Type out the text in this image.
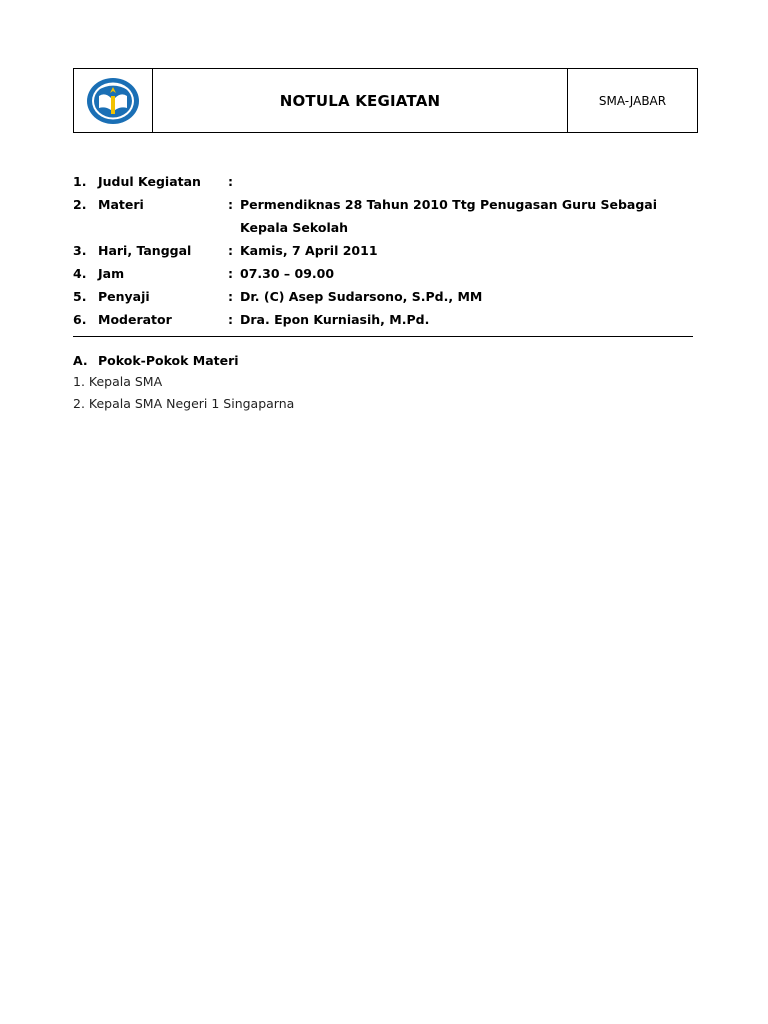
NOTULA KEGIATAN	SMA-JABAR
1. Judul Kegiatan	:
2. Materi	: Permendiknas 28 Tahun 2010 Ttg Penugasan Guru Sebagai Kepala Sekolah
3. Hari, Tanggal	: Kamis, 7 April 2011
4. Jam	: 07.30 – 09.00
5. Penyaji	: Dr. (C) Asep Sudarsono, S.Pd., MM
6. Moderator	: Dra. Epon Kurniasih, M.Pd.
A. Pokok-Pokok Materi
1. Kepala SMA
2. Kepala SMA Negeri 1 Singaparna
